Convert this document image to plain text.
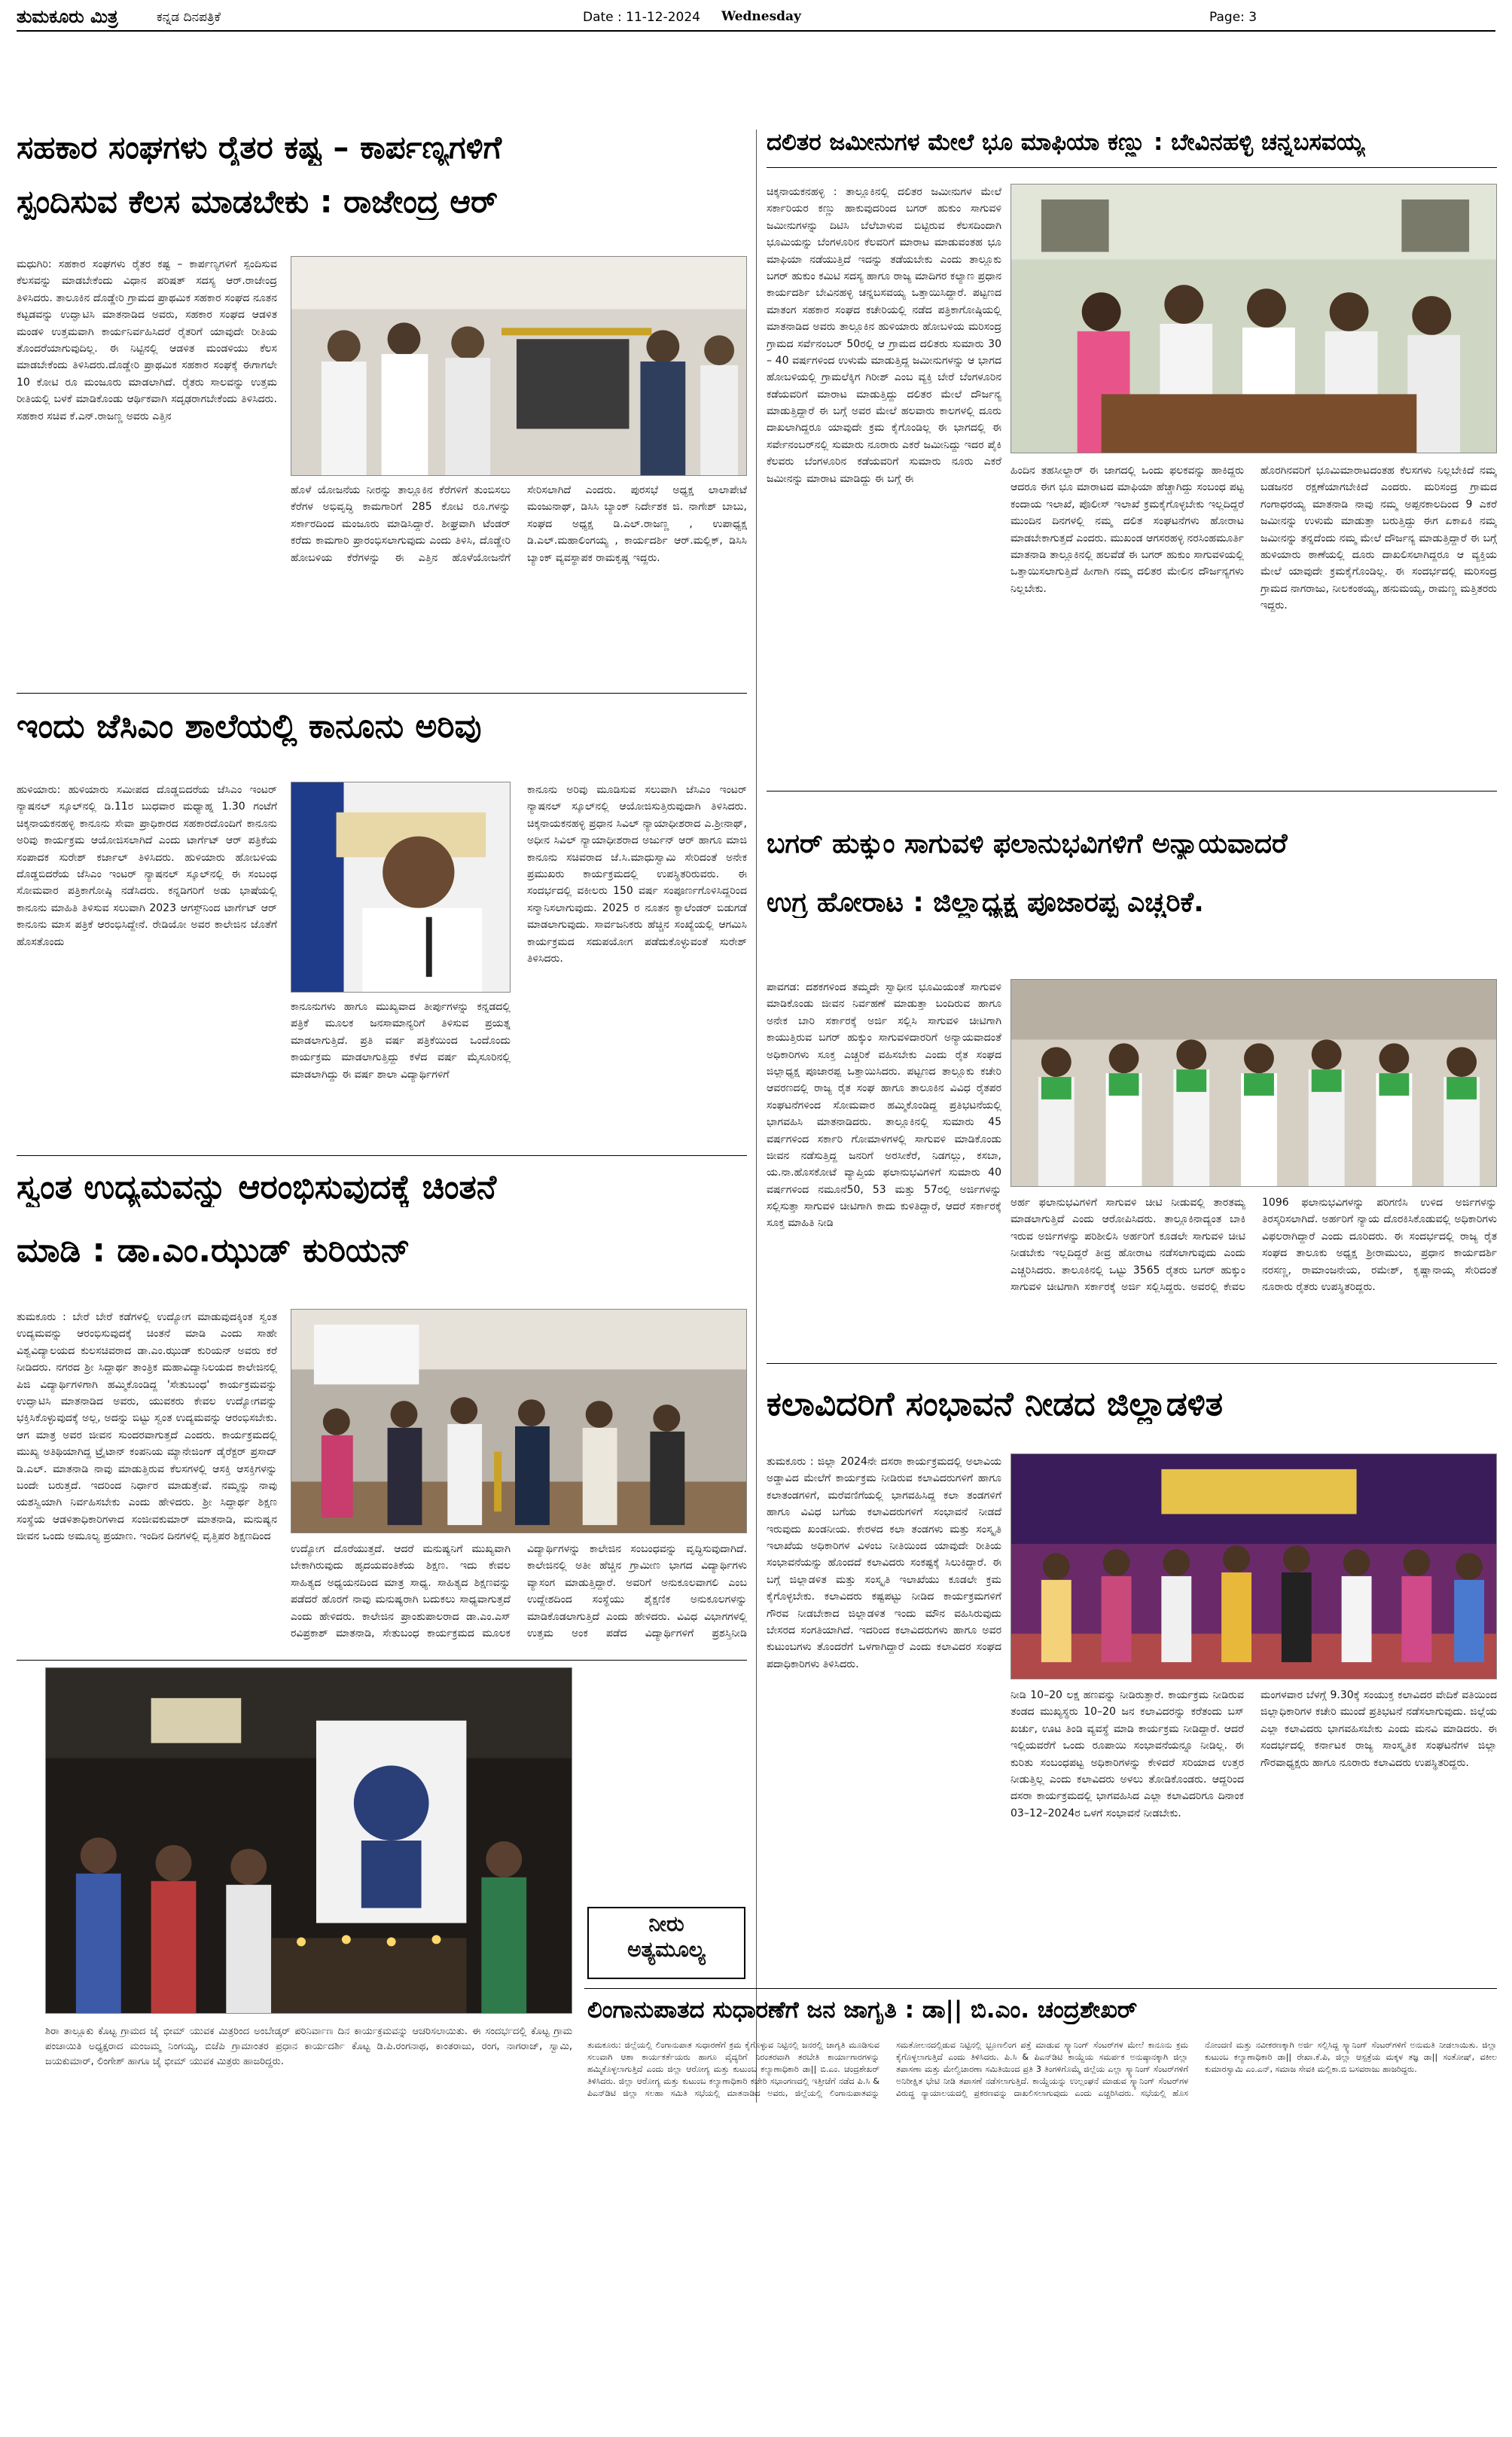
ತುಮಕೂರು ಮಿತ್ರ	ಕನ್ನಡ ದಿನಪತ್ರಿಕೆ	Date : 11-12-2024 Wednesday	Page: 3
ಸಹಕಾರ ಸಂಘಗಳು ರೈತರ ಕಷ್ಟ – ಕಾರ್ಪಣ್ಯಗಳಿಗೆ
ಸ್ಪಂದಿಸುವ ಕೆಲಸ ಮಾಡಬೇಕು : ರಾಜೇಂದ್ರ ಆರ್
ಮಧುಗಿರಿ: ಸಹಕಾರ ಸಂಘಗಳು ರೈತರ ಕಷ್ಟ – ಕಾರ್ಪಣ್ಯಗಳಿಗೆ ಸ್ಪಂದಿಸುವ ಕೆಲಸವನ್ನು ಮಾಡಬೇಕೆಂದು ವಿಧಾನ ಪರಿಷತ್ ಸದಸ್ಯ ಆರ್.ರಾಜೇಂದ್ರ ತಿಳಿಸಿದರು. ತಾಲೂಕಿನ ದೊಡ್ಡೇರಿ ಗ್ರಾಮದ ಪ್ರಾಥಮಿಕ ಸಹಕಾರ ಸಂಘದ ನೂತನ ಕಟ್ಟಡವನ್ನು ಉದ್ಘಾಟಿಸಿ ಮಾತನಾಡಿದ ಅವರು, ಸಹಕಾರ ಸಂಘದ ಆಡಳಿತ ಮಂಡಳಿ ಉತ್ತಮವಾಗಿ ಕಾರ್ಯನಿರ್ವಹಿಸಿದರೆ ರೈತರಿಗೆ ಯಾವುದೇ ರೀತಿಯ ತೊಂದರೆಯಾಗುವುದಿಲ್ಲ. ಈ ನಿಟ್ಟಿನಲ್ಲಿ ಆಡಳಿತ ಮಂಡಳಿಯು ಕೆಲಸ ಮಾಡಬೇಕೆಂದು ತಿಳಿಸಿದರು.ದೊಡ್ಡೇರಿ ಪ್ರಾಥಮಿಕ ಸಹಕಾರ ಸಂಘಕ್ಕೆ ಈಗಾಗಲೇ 10 ಕೋಟಿ ರೂ ಮಂಜೂರು ಮಾಡಲಾಗಿದೆ. ರೈತರು ಸಾಲವನ್ನು ಉತ್ತಮ ರೀತಿಯಲ್ಲಿ ಬಳಕೆ ಮಾಡಿಕೊಂಡು ಆರ್ಥಿಕವಾಗಿ ಸದೃಢರಾಗಬೇಕೆಂದು ತಿಳಿಸಿದರು. ಸಹಕಾರ ಸಚಿವ ಕೆ.ಎನ್.ರಾಜಣ್ಣ ಅವರು ಎತ್ತಿನ
ಹೊಳೆ ಯೋಜನೆಯ ನೀರನ್ನು ತಾಲ್ಲೂಕಿನ ಕೆರೆಗಳಿಗೆ ತುಂಬಿಸಲು ಕೆರೆಗಳ ಅಭಿವೃದ್ಧಿ ಕಾಮಗಾರಿಗೆ 285 ಕೋಟಿ ರೂ.ಗಳನ್ನು ಸರ್ಕಾರದಿಂದ ಮಂಜೂರು ಮಾಡಿಸಿದ್ದಾರೆ. ಶೀಘ್ರವಾಗಿ ಟೆಂಡರ್ ಕರೆದು ಕಾಮಗಾರಿ ಪ್ರಾರಂಭಿಸಲಾಗುವುದು ಎಂದು ತಿಳಿಸಿ, ದೊಡ್ಡೇರಿ ಹೋಬಳಿಯ ಕೆರೆಗಳನ್ನು ಈ ಎತ್ತಿನ ಹೊಳೆಯೋಜನೆಗೆ ಸೇರಿಸಲಾಗಿದೆ ಎಂದರು. ಪುರಸಭೆ ಅಧ್ಯಕ್ಷ ಲಾಲಾಪೇಟೆ ಮಂಜುನಾಥ್, ಡಿಸಿಸಿ ಬ್ಯಾಂಕ್ ನಿರ್ದೇಶಕ ಜಿ. ನಾಗೇಶ್ ಬಾಬು, ಸಂಘದ ಅಧ್ಯಕ್ಷ ಡಿ.ಎಲ್.ರಾಜಣ್ಣ , ಉಪಾಧ್ಯಕ್ಷ ಡಿ.ಎಲ್.ಮಹಾಲಿಂಗಯ್ಯ , ಕಾರ್ಯದರ್ಶಿ ಆರ್.ಮಲ್ಲಿಕ್, ಡಿಸಿಸಿ ಬ್ಯಾಂಕ್ ವ್ಯವಸ್ಥಾಪಕ ರಾಮಕೃಷ್ಣ ಇದ್ದರು.
ಇಂದು ಜೆಸಿಎಂ ಶಾಲೆಯಲ್ಲಿ ಕಾನೂನು ಅರಿವು
ಹುಳಿಯಾರು: ಹುಳಿಯಾರು ಸಮೀಪದ ದೊಡ್ಡಬಿದರೆಯ ಜೆಸಿಎಂ ಇಂಟರ್ ನ್ಯಾಷನಲ್ ಸ್ಕೂಲ್‌ನಲ್ಲಿ ಡಿ.11ರ ಬುಧವಾರ ಮಧ್ಯಾಹ್ನ 1.30 ಗಂಟೆಗೆ ಚಿಕ್ಕನಾಯಕನಹಳ್ಳಿ ಕಾನೂನು ಸೇವಾ ಪ್ರಾಧಿಕಾರದ ಸಹಕಾರದೊಂದಿಗೆ ಕಾನೂನು ಅರಿವು ಕಾರ್ಯಕ್ರಮ ಆಯೋಜಿಸಲಾಗಿದೆ ಎಂದು ಟಾರ್ಗೆಟ್ ಆರ್ ಪತ್ರಿಕೆಯ ಸಂಪಾದಕ ಸುರೇಶ್ ಕರ್ಜಾಲ್ ತಿಳಿಸಿದರು. ಹುಳಿಯಾರು ಹೋಬಳಿಯ ದೊಡ್ಡಬಿದರೆಯ ಜೆಸಿಎಂ ಇಂಟರ್ ನ್ಯಾಷನಲ್ ಸ್ಕೂಲ್‌ನಲ್ಲಿ ಈ ಸಂಬಂಧ ಸೋಮವಾರ ಪತ್ರಿಕಾಗೋಷ್ಠಿ ನಡೆಸಿದರು. ಕನ್ನಡಿಗರಿಗೆ ಅಡು ಭಾಷೆಯಲ್ಲಿ ಕಾನೂನು ಮಾಹಿತಿ ತಿಳಿಸುವ ಸಲುವಾಗಿ 2023 ಆಗಸ್ಟ್‌ನಿಂದ ಟಾರ್ಗೆಟ್ ಆರ್ ಕಾನೂನು ಮಾಸ ಪತ್ರಿಕೆ ಆರಂಭಿಸಿದ್ದೇನೆ. ರೇಡಿಯೋ ಅವರ ಕಾಲೇಜಿನ ಜೊತೆಗೆ ಹೊಸತೊಂದು
ಕಾನೂನು ಅರಿವು ಮೂಡಿಸುವ ಸಲುವಾಗಿ ಜೆಸಿಎಂ ಇಂಟರ್ ನ್ಯಾಷನಲ್ ಸ್ಕೂಲ್‌ನಲ್ಲಿ ಆಯೋಜಿಸುತ್ತಿರುವುದಾಗಿ ತಿಳಿಸಿದರು. ಚಿಕ್ಕನಾಯಕನಹಳ್ಳಿ ಪ್ರಧಾನ ಸಿವಿಲ್ ನ್ಯಾಯಾಧೀಶರಾದ ಎ.ಶ್ರೀನಾಥ್, ಅಧೀನ ಸಿವಿಲ್ ನ್ಯಾಯಾಧೀಶರಾದ ಅರ್ಜುನ್ ಆರ್ ಹಾಗೂ ಮಾಜಿ ಕಾನೂನು ಸಚಿವರಾದ ಜೆ.ಸಿ.ಮಾಧುಸ್ವಾಮಿ ಸೇರಿದಂತೆ ಅನೇಕ ಪ್ರಮುಖರು ಕಾರ್ಯಕ್ರಮದಲ್ಲಿ ಉಪಸ್ಥಿತರಿರುವರು. ಈ ಸಂದರ್ಭದಲ್ಲಿ ವಕೀಲರು 150 ವರ್ಷ ಸಂಪೂರ್ಣಗೊಳಿಸಿದ್ದರಿಂದ ಸನ್ಮಾನಿಸಲಾಗುವುದು. 2025 ರ ನೂತನ ಕ್ಯಾಲೆಂಡರ್ ಬಿಡುಗಡೆ ಮಾಡಲಾಗುವುದು. ಸಾರ್ವಜನಿಕರು ಹೆಚ್ಚಿನ ಸಂಖ್ಯೆಯಲ್ಲಿ ಆಗಮಿಸಿ ಕಾರ್ಯಕ್ರಮದ ಸದುಪಯೋಗ ಪಡೆದುಕೊಳ್ಳುವಂತೆ ಸುರೇಶ್ ತಿಳಿಸಿದರು.
ಕಾನೂನುಗಳು ಹಾಗೂ ಮುಖ್ಯವಾದ ತೀರ್ಪುಗಳನ್ನು ಕನ್ನಡದಲ್ಲಿ ಪತ್ರಿಕೆ ಮೂಲಕ ಜನಸಾಮಾನ್ಯರಿಗೆ ತಿಳಿಸುವ ಪ್ರಯತ್ನ ಮಾಡಲಾಗುತ್ತಿದೆ. ಪ್ರತಿ ವರ್ಷ ಪತ್ರಿಕೆಯಿಂದ ಒಂದೊಂದು ಕಾರ್ಯಕ್ರಮ ಮಾಡಲಾಗುತ್ತಿದ್ದು ಕಳೆದ ವರ್ಷ ಮೈಸೂರಿನಲ್ಲಿ ಮಾಡಲಾಗಿದ್ದು ಈ ವರ್ಷ ಶಾಲಾ ವಿದ್ಯಾರ್ಥಿಗಳಿಗೆ
ಸ್ವಂತ ಉದ್ಯಮವನ್ನು ಆರಂಭಿಸುವುದಕ್ಕೆ ಚಿಂತನೆ
ಮಾಡಿ : ಡಾ.ಎಂ.ಝುಡ್ ಕುರಿಯನ್
ತುಮಕೂರು : ಬೇರೆ ಬೇರೆ ಕಡೆಗಳಲ್ಲಿ ಉದ್ಯೋಗ ಮಾಡುವುದಕ್ಕಿಂತ ಸ್ವಂತ ಉದ್ಯಮವನ್ನು ಆರಂಭಿಸುವುದಕ್ಕೆ ಚಿಂತನೆ ಮಾಡಿ ಎಂದು ಸಾಹೇ ವಿಶ್ವವಿದ್ಯಾಲಯದ ಕುಲಸಚಿವರಾದ ಡಾ.ಎಂ.ಝುಡ್ ಕುರಿಯನ್ ಅವರು ಕರೆ ನೀಡಿದರು. ನಗರದ ಶ್ರೀ ಸಿದ್ದಾರ್ಥ ತಾಂತ್ರಿಕ ಮಹಾವಿದ್ಯಾನಿಲಯದ ಕಾಲೇಜಿನಲ್ಲಿ ಪಿಜಿ ವಿದ್ಯಾರ್ಥಿಗಳಿಗಾಗಿ ಹಮ್ಮಿಕೊಂಡಿದ್ದ 'ಸೇತುಬಂಧ' ಕಾರ್ಯಕ್ರಮವನ್ನು ಉದ್ಘಾಟಿಸಿ ಮಾತನಾಡಿದ ಅವರು, ಯುವಕರು ಕೇವಲ ಉದ್ಯೋಗವನ್ನು ಭಕ್ತಿಸಿಕೊಳ್ಳುವುದಕ್ಕೆ ಅಲ್ಲ, ಅದನ್ನು ಬಿಟ್ಟು ಸ್ವಂತ ಉದ್ಯಮವನ್ನು ಆರಂಭಿಸಬೇಕು. ಆಗ ಮಾತ್ರ ಅವರ ಜೀವನ ಸುಂದರವಾಗುತ್ತದೆ ಎಂದರು. ಕಾರ್ಯಕ್ರಮದಲ್ಲಿ ಮುಖ್ಯ ಅತಿಥಿಯಾಗಿದ್ದ ಟ್ರೈಟಾನ್ ಕಂಪನಿಯ ಮ್ಯಾನೇಜಿಂಗ್ ಡೈರೆಕ್ಟರ್ ಪ್ರಸಾದ್ ಡಿ.ಎಲ್. ಮಾತನಾಡಿ ನಾವು ಮಾಡುತ್ತಿರುವ ಕೆಲಸಗಳಲ್ಲಿ ಆಸಕ್ತಿ ಆಸಕ್ತಿಗಳನ್ನು ಬಂದೇ ಬರುತ್ತದೆ. ಇದರಿಂದ ನಿರ್ಧಾರ ಮಾಡುತ್ತೇವೆ. ನಮ್ಮನ್ನು ನಾವು ಯಶಸ್ವಿಯಾಗಿ ನಿರ್ವಹಿಸಬೇಕು ಎಂದು ಹೇಳಿದರು. ಶ್ರೀ ಸಿದ್ದಾರ್ಥ ಶಿಕ್ಷಣ ಸಂಸ್ಥೆಯ ಆಡಳಿತಾಧಿಕಾರಿಗಳಾದ ಸಂಜೀವಕುಮಾರ್ ಮಾತನಾಡಿ, ಮನುಷ್ಯನ ಜೀವನ ಒಂದು ಅಮೂಲ್ಯ ಪ್ರಯಾಣ. ಇಂದಿನ ದಿನಗಳಲ್ಲಿ ವೃತ್ತಿಪರ ಶಿಕ್ಷಣದಿಂದ
ಉದ್ಯೋಗ ದೊರೆಯುತ್ತದೆ. ಆದರೆ ಮನುಷ್ಯನಿಗೆ ಮುಖ್ಯವಾಗಿ ಬೇಕಾಗಿರುವುದು ಹೃದಯವಂತಿಕೆಯ ಶಿಕ್ಷಣ. ಇದು ಕೇವಲ ಸಾಹಿತ್ಯದ ಅಧ್ಯಯನದಿಂದ ಮಾತ್ರ ಸಾಧ್ಯ. ಸಾಹಿತ್ಯದ ಶಿಕ್ಷಣವನ್ನು ಪಡೆದರೆ ಹೊರಗೆ ನಾವು ಮನುಷ್ಯರಾಗಿ ಬದುಕಲು ಸಾಧ್ಯವಾಗುತ್ತದೆ ಎಂದು ಹೇಳಿದರು. ಕಾಲೇಜಿನ ಪ್ರಾಂಶುಪಾಲರಾದ ಡಾ.ಎಂ.ಎಸ್ ರವಿಪ್ರಕಾಶ್ ಮಾತನಾಡಿ, ಸೇತುಬಂಧ ಕಾರ್ಯಕ್ರಮದ ಮೂಲಕ ವಿದ್ಯಾರ್ಥಿಗಳನ್ನು ಕಾಲೇಜಿನ ಸಂಬಂಧವನ್ನು ವೃದ್ಧಿಸುವುದಾಗಿದೆ. ಕಾಲೇಜಿನಲ್ಲಿ ಅತೀ ಹೆಚ್ಚಿನ ಗ್ರಾಮೀಣ ಭಾಗದ ವಿದ್ಯಾರ್ಥಿಗಳು ವ್ಯಾಸಂಗ ಮಾಡುತ್ತಿದ್ದಾರೆ. ಅವರಿಗೆ ಅನುಕೂಲವಾಗಲಿ ಎಂಬ ಉದ್ದೇಶದಿಂದ ಸಂಸ್ಥೆಯು ಶೈಕ್ಷಣಿಕ ಅನುಕೂಲಗಳನ್ನು ಮಾಡಿಕೊಡಲಾಗುತ್ತಿದೆ ಎಂದು ಹೇಳಿದರು. ವಿವಿಧ ವಿಭಾಗಗಳಲ್ಲಿ ಉತ್ತಮ ಅಂಕ ಪಡೆದ ವಿದ್ಯಾರ್ಥಿಗಳಿಗೆ ಪ್ರಶಸ್ತಿನೀಡಿ
ಶಿರಾ ತಾಲ್ಲೂಕು ಕೊಟ್ಟ ಗ್ರಾಮದ ಜೈ ಭೀಮ್ ಯುವಕ ಮಿತ್ರರಿಂದ ಅಂಬೇಡ್ಕರ್ ಪರಿನಿರ್ವಾಣ ದಿನ ಕಾರ್ಯಕ್ರಮವನ್ನು ಆಚರಿಸಲಾಯಿತು. ಈ ಸಂದರ್ಭದಲ್ಲಿ ಕೊಟ್ಟ ಗ್ರಾಮ ಪಂಚಾಯಿತಿ ಅಧ್ಯಕ್ಷರಾದ ಮಂಜಮ್ಮ ನಿಂಗಯ್ಯ, ಬಿಜೆಪಿ ಗ್ರಾಮಾಂತರ ಪ್ರಧಾನ ಕಾರ್ಯದರ್ಶಿ ಕೊಟ್ಟ ಡಿ.ಪಿ.ರಂಗನಾಥ, ಕಾಂತರಾಜು, ರಂಗ, ನಾಗರಾಜ್, ಸ್ವಾಮಿ, ಜಯಕುಮಾರ್, ಲಿಂಗೇಶ್ ಹಾಗೂ ಜೈ ಭೀಮ್ ಯುವಕ ಮಿತ್ರರು ಹಾಜರಿದ್ದರು.
ದಲಿತರ ಜಮೀನುಗಳ ಮೇಲೆ ಭೂ ಮಾಫಿಯಾ ಕಣ್ಣು : ಬೇವಿನಹಳ್ಳಿ ಚನ್ನಬಸವಯ್ಯ
ಚಿಕ್ಕನಾಯಕನಹಳ್ಳಿ : ತಾಲ್ಲೂಕಿನಲ್ಲಿ ದಲಿತರ ಜಮೀನುಗಳ ಮೇಲೆ ಸರ್ಕಾರಿಯರ ಕಣ್ಣು ಹಾಕುವುದರಿಂದ ಬಗರ್ ಹುಕುಂ ಸಾಗುವಳಿ ಜಮೀನುಗಳನ್ನು ದಿಟಿಸಿ ಬೆಲೆಬಾಳುವ ಬಿಟ್ಟಿರುವ ಕೆಲಸದಿಂದಾಗಿ ಭೂಮಿಯನ್ನು ಬೆಂಗಳೂರಿನ ಕೆಲವರಿಗೆ ಮಾರಾಟ ಮಾಡುವಂತಹ ಭೂ ಮಾಫಿಯಾ ನಡೆಯುತ್ತಿದೆ ಇದನ್ನು ತಡೆಯಬೇಕು ಎಂದು ತಾಲ್ಲೂಕು ಬಗರ್ ಹುಕುಂ ಕಮಿಟಿ ಸದಸ್ಯ ಹಾಗೂ ರಾಜ್ಯ ಮಾದಿಗರ ಕಲ್ಯಾಣ ಪ್ರಧಾನ ಕಾರ್ಯದರ್ಶಿ ಬೇವಿನಹಳ್ಳಿ ಚನ್ನಬಸವಯ್ಯ ಒತ್ತಾಯಿಸಿದ್ದಾರೆ. ಪಟ್ಟಣದ ಮಾತಂಗ ಸಹಕಾರ ಸಂಘದ ಕಚೇರಿಯಲ್ಲಿ ನಡೆದ ಪತ್ರಿಕಾಗೋಷ್ಠಿಯಲ್ಲಿ ಮಾತನಾಡಿದ ಅವರು ತಾಲ್ಲೂಕಿನ ಹುಳಿಯಾರು ಹೋಬಳಿಯ ಮರಿಸಂದ್ರ ಗ್ರಾಮದ ಸರ್ವೆನಂಬರ್ 50ರಲ್ಲಿ ಆ ಗ್ರಾಮದ ದಲಿತರು ಸುಮಾರು 30 – 40 ವರ್ಷಗಳಿಂದ ಉಳುಮೆ ಮಾಡುತ್ತಿದ್ದ ಜಮೀನುಗಳನ್ನು ಆ ಭಾಗದ ಹೋಬಳಿಯಲ್ಲಿ ಗ್ರಾಮಲೆಕ್ಕಿಗ ಗಿರೀಶ್ ಎಂಬ ವ್ಯಕ್ತಿ ಬೇರೆ ಬೆಂಗಳೂರಿನ ಕಡೆಯವರಿಗೆ ಮಾರಾಟ ಮಾಡುತ್ತಿದ್ದು ದಲಿತರ ಮೇಲೆ ದೌರ್ಜನ್ಯ ಮಾಡುತ್ತಿದ್ದಾರೆ ಈ ಬಗ್ಗೆ ಅವರ ಮೇಲೆ ಹಲವಾರು ಕಾಲಗಳಲ್ಲಿ ದೂರು ದಾಖಲಾಗಿದ್ದರೂ ಯಾವುದೇ ಕ್ರಮ ಕೈಗೊಂಡಿಲ್ಲ ಈ ಭಾಗದಲ್ಲಿ ಈ ಸರ್ವೇನಂಬರ್‌ನಲ್ಲಿ ಸುಮಾರು ನೂರಾರು ಎಕರೆ ಜಮೀನಿದ್ದು ಇದರ ಪೈಕಿ ಕೆಲವರು ಬೆಂಗಳೂರಿನ ಕಡೆಯವರಿಗೆ ಸುಮಾರು ನೂರು ಎಕರೆ ಜಮೀನನ್ನು ಮಾರಾಟ ಮಾಡಿದ್ದು ಈ ಬಗ್ಗೆ ಈ
ಹಿಂದಿನ ತಹಸೀಲ್ದಾರ್ ಈ ಜಾಗದಲ್ಲಿ ಒಂದು ಫಲಕವನ್ನು ಹಾಕಿದ್ದರು ಆದರೂ ಈಗ ಭೂ ಮಾರಾಟದ ಮಾಫಿಯಾ ಹೆಚ್ಚಾಗಿದ್ದು ಸಂಬಂಧ ಪಟ್ಟ ಕಂದಾಯ ಇಲಾಖೆ, ಪೊಲೀಸ್ ಇಲಾಖೆ ಕ್ರಮಕೈಗೊಳ್ಳಬೇಕು ಇಲ್ಲದಿದ್ದರೆ ಮುಂದಿನ ದಿನಗಳಲ್ಲಿ ನಮ್ಮ ದಲಿತ ಸಂಘಟನೆಗಳು ಹೋರಾಟ ಮಾಡಬೇಕಾಗುತ್ತದೆ ಎಂದರು. ಮುಖಂಡ ಆಗಸರಹಳ್ಳಿ ನರಸಿಂಹಮೂರ್ತಿ ಮಾತನಾಡಿ ತಾಲ್ಲೂಕಿನಲ್ಲಿ ಹಲವೆಡೆ ಈ ಬಗರ್ ಹುಕುಂ ಸಾಗುವಳಿಯಲ್ಲಿ ಒತ್ತಾಯಿಸಲಾಗುತ್ತಿದೆ ಹೀಗಾಗಿ ನಮ್ಮ ದಲಿತರ ಮೇಲಿನ ದೌರ್ಜನ್ಯಗಳು ನಿಲ್ಲಬೇಕು.
ಹೊರಗಿನವರಿಗೆ ಭೂಮಿಮಾರಾಟದಂತಹ ಕೆಲಸಗಳು ನಿಲ್ಲಬೇಕಿದೆ ನಮ್ಮ ಬಡಜನರ ರಕ್ಷಣೆಯಾಗಬೇಕಿದೆ ಎಂದರು. ಮರಿಸಂದ್ರ ಗ್ರಾಮದ ಗಂಗಾಧರಯ್ಯ ಮಾತನಾಡಿ ನಾವು ನಮ್ಮ ಅಪ್ಪನಕಾಲದಿಂದ 9 ಎಕರೆ ಜಮೀನನ್ನು ಉಳುಮೆ ಮಾಡುತ್ತಾ ಬರುತ್ತಿದ್ದು ಈಗ ಏಕಾಏಕಿ ನಮ್ಮ ಜಮೀನನ್ನು ತನ್ನದೆಂದು ನಮ್ಮ ಮೇಲೆ ದೌರ್ಜನ್ಯ ಮಾಡುತ್ತಿದ್ದಾರೆ ಈ ಬಗ್ಗೆ ಹುಳಿಯಾರು ಠಾಣೆಯಲ್ಲಿ ದೂರು ದಾಖಲಿಸಲಾಗಿದ್ದರೂ ಆ ವ್ಯಕ್ತಿಯ ಮೇಲೆ ಯಾವುದೇ ಕ್ರಮಕೈಗೊಂಡಿಲ್ಲ. ಈ ಸಂದರ್ಭದಲ್ಲಿ ಮರಿಸಂದ್ರ ಗ್ರಾಮದ ನಾಗರಾಜು, ನೀಲಕಂಠಯ್ಯ, ಹನುಮಯ್ಯ, ರಾಮಣ್ಣ ಮತ್ತಿತರರು ಇದ್ದರು.
ಬಗರ್ ಹುಕ್ಕುಂ ಸಾಗುವಳಿ ಫಲಾನುಭವಿಗಳಿಗೆ ಅನ್ಯಾಯವಾದರೆ
ಉಗ್ರ ಹೋರಾಟ : ಜಿಲ್ಲಾಧ್ಯಕ್ಷ ಪೂಜಾರಪ್ಪ ಎಚ್ಚರಿಕೆ.
ಪಾವಗಡ: ದಶಕಗಳಿಂದ ತಮ್ಮದೇ ಸ್ವಾಧೀನ ಭೂಮಿಯಂತೆ ಸಾಗುವಳಿ ಮಾಡಿಕೊಂಡು ಜೀವನ ನಿರ್ವಹಣೆ ಮಾಡುತ್ತಾ ಬಂದಿರುವ ಹಾಗೂ ಅನೇಕ ಬಾರಿ ಸರ್ಕಾರಕ್ಕೆ ಅರ್ಜಿ ಸಲ್ಲಿಸಿ ಸಾಗುವಳಿ ಚೀಟಿಗಾಗಿ ಕಾಯುತ್ತಿರುವ ಬಗರ್ ಹುಕ್ಕುಂ ಸಾಗುವಳಿದಾರರಿಗೆ ಅನ್ಯಾಯವಾದಂತೆ ಅಧಿಕಾರಿಗಳು ಸೂಕ್ತ ಎಚ್ಚರಿಕೆ ವಹಿಸಬೇಕು ಎಂದು ರೈತ ಸಂಘದ ಜಿಲ್ಲಾಧ್ಯಕ್ಷ ಪೂಜಾರಪ್ಪ ಒತ್ತಾಯಿಸಿದರು. ಪಟ್ಟಣದ ತಾಲ್ಲೂಕು ಕಚೇರಿ ಆವರಣದಲ್ಲಿ ರಾಜ್ಯ ರೈತ ಸಂಘ ಹಾಗೂ ತಾಲೂಕಿನ ವಿವಿಧ ರೈತಪರ ಸಂಘಟನೆಗಳಿಂದ ಸೋಮವಾರ ಹಮ್ಮಿಕೊಂಡಿದ್ದ ಪ್ರತಿಭಟನೆಯಲ್ಲಿ ಭಾಗವಹಿಸಿ ಮಾತನಾಡಿದರು. ತಾಲ್ಲೂಕಿನಲ್ಲಿ ಸುಮಾರು 45 ವರ್ಷಗಳಿಂದ ಸರ್ಕಾರಿ ಗೋಮಾಳಗಳಲ್ಲಿ ಸಾಗುವಳಿ ಮಾಡಿಕೊಂಡು ಜೀವನ ನಡೆಸುತ್ತಿದ್ದ ಜನರಿಗೆ ಅರಸೀಕೆರೆ, ನಿಡಗಲ್ಲು, ಕಸಬಾ, ಯ.ನಾ.ಹೊಸಕೋಟೆ ವ್ಯಾಪ್ತಿಯ ಫಲಾನುಭವಿಗಳಿಗೆ ಸುಮಾರು 40 ವರ್ಷಗಳಿಂದ ನಮೂನೆ50, 53 ಮತ್ತು 57ರಲ್ಲಿ ಅರ್ಜಿಗಳನ್ನು ಸಲ್ಲಿಸುತ್ತಾ ಸಾಗುವಳಿ ಚೀಟಿಗಾಗಿ ಕಾದು ಕುಳಿತಿದ್ದಾರೆ, ಆದರೆ ಸರ್ಕಾರಕ್ಕೆ ಸೂಕ್ತ ಮಾಹಿತಿ ನೀಡಿ
ಅರ್ಹ ಫಲಾನುಭವಿಗಳಿಗೆ ಸಾಗುವಳಿ ಚೀಟಿ ನೀಡುವಲ್ಲಿ ತಾರತಮ್ಯ ಮಾಡಲಾಗುತ್ತಿದೆ ಎಂದು ಆರೋಪಿಸಿದರು. ತಾಲ್ಲೂಕಿನಾದ್ಯಂತ ಬಾಕಿ ಇರುವ ಅರ್ಜಿಗಳನ್ನು ಪರಿಶೀಲಿಸಿ ಅರ್ಹರಿಗೆ ಕೂಡಲೇ ಸಾಗುವಳಿ ಚೀಟಿ ನೀಡಬೇಕು ಇಲ್ಲದಿದ್ದರೆ ತೀವ್ರ ಹೋರಾಟ ನಡೆಸಲಾಗುವುದು ಎಂದು ಎಚ್ಚರಿಸಿದರು. ತಾಲೂಕಿನಲ್ಲಿ ಒಟ್ಟು 3565 ರೈತರು ಬಗರ್ ಹುಕ್ಕುಂ ಸಾಗುವಳಿ ಚೀಟಿಗಾಗಿ ಸರ್ಕಾರಕ್ಕೆ ಅರ್ಜಿ ಸಲ್ಲಿಸಿದ್ದರು. ಅವರಲ್ಲಿ ಕೇವಲ 1096 ಫಲಾನುಭವಿಗಳನ್ನು ಪರಿಗಣಿಸಿ ಉಳಿದ ಅರ್ಜಿಗಳನ್ನು ತಿರಸ್ಕರಿಸಲಾಗಿದೆ. ಅರ್ಹರಿಗೆ ನ್ಯಾಯ ದೊರಕಿಸಿಕೊಡುವಲ್ಲಿ ಅಧಿಕಾರಿಗಳು ವಿಫಲರಾಗಿದ್ದಾರೆ ಎಂದು ದೂರಿದರು. ಈ ಸಂದರ್ಭದಲ್ಲಿ ರಾಜ್ಯ ರೈತ ಸಂಘದ ತಾಲೂಕು ಅಧ್ಯಕ್ಷ ಶ್ರೀರಾಮುಲು, ಪ್ರಧಾನ ಕಾರ್ಯದರ್ಶಿ ನರಸಣ್ಣ, ರಾಮಾಂಜನೇಯ, ರಮೇಶ್, ಕೃಷ್ಣಾನಾಯ್ಕ ಸೇರಿದಂತೆ ನೂರಾರು ರೈತರು ಉಪಸ್ಥಿತರಿದ್ದರು.
ಕಲಾವಿದರಿಗೆ ಸಂಭಾವನೆ ನೀಡದ ಜಿಲ್ಲಾಡಳಿತ
ತುಮಕೂರು : ಜಿಲ್ಲಾ 2024ನೇ ದಸರಾ ಕಾರ್ಯಕ್ರಮದಲ್ಲಿ ಅಲಾವಿಯ ಅಡ್ಡಾವಿದ ಮೇಲೆಗೆ ಕಾರ್ಯಕ್ರಮ ನೀಡಿರುವ ಕಲಾವಿದರುಗಳಿಗೆ ಹಾಗೂ ಕಲಾತಂಡಗಳಿಗೆ, ಮರೆವಣಿಗೆಯಲ್ಲಿ ಭಾಗವಹಿಸಿದ್ದ ಕಲಾ ತಂಡಗಳಿಗೆ ಹಾಗೂ ವಿವಿಧ ಬಗೆಯ ಕಲಾವಿದರುಗಳಿಗೆ ಸಂಭಾವನೆ ನೀಡದೆ ಇರುವುದು ಖಂಡನೀಯ. ಕೇರಳದ ಕಲಾ ತಂಡಗಳು ಮತ್ತು ಸಂಸ್ಕೃತಿ ಇಲಾಖೆಯ ಅಧಿಕಾರಿಗಳ ವಿಳಂಬ ನೀತಿಯಿಂದ ಯಾವುದೇ ರೀತಿಯ ಸಂಭಾವನೆಯನ್ನು ಹೊಂದದೆ ಕಲಾವಿದರು ಸಂಕಷ್ಟಕ್ಕೆ ಸಿಲುಕಿದ್ದಾರೆ. ಈ ಬಗ್ಗೆ ಜಿಲ್ಲಾಡಳಿತ ಮತ್ತು ಸಂಸ್ಕೃತಿ ಇಲಾಖೆಯು ಕೂಡಲೇ ಕ್ರಮ ಕೈಗೊಳ್ಳಬೇಕು. ಕಲಾವಿದರು ಕಷ್ಟಪಟ್ಟು ನೀಡಿದ ಕಾರ್ಯಕ್ರಮಗಳಿಗೆ ಗೌರವ ನೀಡಬೇಕಾದ ಜಿಲ್ಲಾಡಳಿತ ಇಂದು ಮೌನ ವಹಿಸಿರುವುದು ಬೇಸರದ ಸಂಗತಿಯಾಗಿದೆ. ಇದರಿಂದ ಕಲಾವಿದರುಗಳು ಹಾಗೂ ಅವರ ಕುಟುಂಬಗಳು ತೊಂದರೆಗೆ ಒಳಗಾಗಿದ್ದಾರೆ ಎಂದು ಕಲಾವಿದರ ಸಂಘದ ಪದಾಧಿಕಾರಿಗಳು ತಿಳಿಸಿದರು.
ನೀಡಿ 10–20 ಲಕ್ಷ ಹಣವನ್ನು ನೀಡಿರುತ್ತಾರೆ. ಕಾರ್ಯಕ್ರಮ ನೀಡಿರುವ ತಂಡದ ಮುಖ್ಯಸ್ಥರು 10–20 ಜನ ಕಲಾವಿದರನ್ನು ಕರೆತಂದು ಬಸ್ ಖರ್ಚು, ಊಟ ತಿಂಡಿ ವ್ಯವಸ್ಥೆ ಮಾಡಿ ಕಾರ್ಯಕ್ರಮ ನೀಡಿದ್ದಾರೆ. ಆದರೆ ಇಲ್ಲಿಯವರೆಗೆ ಒಂದು ರೂಪಾಯಿ ಸಂಭಾವನೆಯನ್ನೂ ನೀಡಿಲ್ಲ. ಈ ಕುರಿತು ಸಂಬಂಧಪಟ್ಟ ಅಧಿಕಾರಿಗಳನ್ನು ಕೇಳಿದರೆ ಸರಿಯಾದ ಉತ್ತರ ನೀಡುತ್ತಿಲ್ಲ ಎಂದು ಕಲಾವಿದರು ಅಳಲು ತೋಡಿಕೊಂಡರು. ಆದ್ದರಿಂದ ದಸರಾ ಕಾರ್ಯಕ್ರಮದಲ್ಲಿ ಭಾಗವಹಿಸಿದ ಎಲ್ಲಾ ಕಲಾವಿದರಿಗೂ ದಿನಾಂಕ 03–12–2024ರ ಒಳಗೆ ಸಂಭಾವನೆ ನೀಡಬೇಕು.
ಮಂಗಳವಾರ ಬೆಳಗ್ಗೆ 9.30ಕ್ಕೆ ಸಂಯುಕ್ತ ಕಲಾವಿದರ ವೇದಿಕೆ ವತಿಯಿಂದ ಜಿಲ್ಲಾಧಿಕಾರಿಗಳ ಕಚೇರಿ ಮುಂದೆ ಪ್ರತಿಭಟನೆ ನಡೆಸಲಾಗುವುದು. ಜಿಲ್ಲೆಯ ಎಲ್ಲಾ ಕಲಾವಿದರು ಭಾಗವಹಿಸಬೇಕು ಎಂದು ಮನವಿ ಮಾಡಿದರು. ಈ ಸಂದರ್ಭದಲ್ಲಿ ಕರ್ನಾಟಕ ರಾಜ್ಯ ಸಾಂಸ್ಕೃತಿಕ ಸಂಘಟನೆಗಳ ಜಿಲ್ಲಾ ಗೌರವಾಧ್ಯಕ್ಷರು ಹಾಗೂ ನೂರಾರು ಕಲಾವಿದರು ಉಪಸ್ಥಿತರಿದ್ದರು.
ನೀರು
ಅತ್ಯಮೂಲ್ಯ
ಲಿಂಗಾನುಪಾತದ ಸುಧಾರಣೆಗೆ ಜನ ಜಾಗೃತಿ : ಡಾ|| ಬಿ.ಎಂ. ಚಂದ್ರಶೇಖರ್
ತುಮಕೂರು: ಜಿಲ್ಲೆಯಲ್ಲಿ ಲಿಂಗಾನುಪಾತ ಸುಧಾರಣೆಗೆ ಕ್ರಮ ಕೈಗೊಳ್ಳುವ ನಿಟ್ಟಿನಲ್ಲಿ ಜನರಲ್ಲಿ ಜಾಗೃತಿ ಮೂಡಿಸುವ ಸಲುವಾಗಿ ಆಶಾ ಕಾರ್ಯಕರ್ತೆಯರು ಹಾಗೂ ವೈದ್ಯರಿಗೆ ನಿರಂತರವಾಗಿ ತರಬೇತಿ ಕಾರ್ಯಾಗಾರಗಳನ್ನು ಹಮ್ಮಿಕೊಳ್ಳಲಾಗುತ್ತಿದೆ ಎಂದು ಜಿಲ್ಲಾ ಆರೋಗ್ಯ ಮತ್ತು ಕುಟುಂಬ ಕಲ್ಯಾಣಾಧಿಕಾರಿ ಡಾ|| ಬಿ.ಎಂ. ಚಂದ್ರಶೇಖರ್ ತಿಳಿಸಿದರು. ಜಿಲ್ಲಾ ಆರೋಗ್ಯ ಮತ್ತು ಕುಟುಂಬ ಕಲ್ಯಾಣಾಧಿಕಾರಿ ಕಚೇರಿ ಸಭಾಂಗಣದಲ್ಲಿ ಇತ್ತೀಚೆಗೆ ನಡೆದ ಪಿ.ಸಿ & ಪಿಎನ್‌ಡಿಟಿ ಜಿಲ್ಲಾ ಸಲಹಾ ಸಮಿತಿ ಸಭೆಯಲ್ಲಿ ಮಾತನಾಡಿದ ಅವರು, ಜಿಲ್ಲೆಯಲ್ಲಿ ಲಿಂಗಾನುಪಾತವನ್ನು ಸಮತೋಲನದಲ್ಲಿಡುವ ನಿಟ್ಟಿನಲ್ಲಿ ಭ್ರೂಣಲಿಂಗ ಪತ್ತೆ ಮಾಡುವ ಸ್ಕ್ಯಾನಿಂಗ್ ಸೆಂಟರ್‌ಗಳ ಮೇಲೆ ಕಾನೂನು ಕ್ರಮ ಕೈಗೊಳ್ಳಲಾಗುತ್ತಿದೆ ಎಂದು ತಿಳಿಸಿದರು. ಪಿ.ಸಿ & ಪಿಎನ್‌ಡಿಟಿ ಕಾಯ್ದೆಯ ಸಮರ್ಪಕ ಅನುಷ್ಠಾನಕ್ಕಾಗಿ ಜಿಲ್ಲಾ ತಪಾಸಣಾ ಮತ್ತು ಮೇಲ್ವಿಚಾರಣಾ ಸಮಿತಿಯಿಂದ ಪ್ರತಿ 3 ತಿಂಗಳಿಗೊಮ್ಮೆ ಜಿಲ್ಲೆಯ ಎಲ್ಲಾ ಸ್ಕ್ಯಾನಿಂಗ್ ಸೆಂಟರ್‌ಗಳಿಗೆ ಅನಿರೀಕ್ಷಿತ ಭೇಟಿ ನೀಡಿ ತಪಾಸಣೆ ನಡೆಸಲಾಗುತ್ತಿದೆ. ಕಾಯ್ದೆಯನ್ನು ಉಲ್ಲಂಘನೆ ಮಾಡುವ ಸ್ಕ್ಯಾನಿಂಗ್ ಸೆಂಟರ್‌ಗಳ ವಿರುದ್ಧ ನ್ಯಾಯಾಲಯದಲ್ಲಿ ಪ್ರಕರಣವನ್ನು ದಾಖಲಿಸಲಾಗುವುದು ಎಂದು ಎಚ್ಚರಿಸಿದರು. ಸಭೆಯಲ್ಲಿ ಹೊಸ ನೋಂದಣಿ ಮತ್ತು ನವೀಕರಣಕ್ಕಾಗಿ ಅರ್ಜಿ ಸಲ್ಲಿಸಿದ್ದ ಸ್ಕ್ಯಾನಿಂಗ್ ಸೆಂಟರ್‌ಗಳಿಗೆ ಅನುಮತಿ ನೀಡಲಾಯಿತು. ಜಿಲ್ಲಾ ಕುಟುಂಬ ಕಲ್ಯಾಣಾಧಿಕಾರಿ ಡಾ|| ರೇಖಾ.ಕೆ.ಪಿ, ಜಿಲ್ಲಾ ಆಸ್ಪತ್ರೆಯ ಮಕ್ಕಳ ತಜ್ಞ ಡಾ|| ಸಂತೋಷ್, ವಕೀಲ ಕುಮಾರಸ್ವಾಮಿ ಎಂ.ಎನ್, ಸಮಾಜ ಸೇವಕಿ ಮಲ್ಲಿಕಾ.ಬಿ ಬಸವರಾಜು ಹಾಜರಿದ್ದರು.
